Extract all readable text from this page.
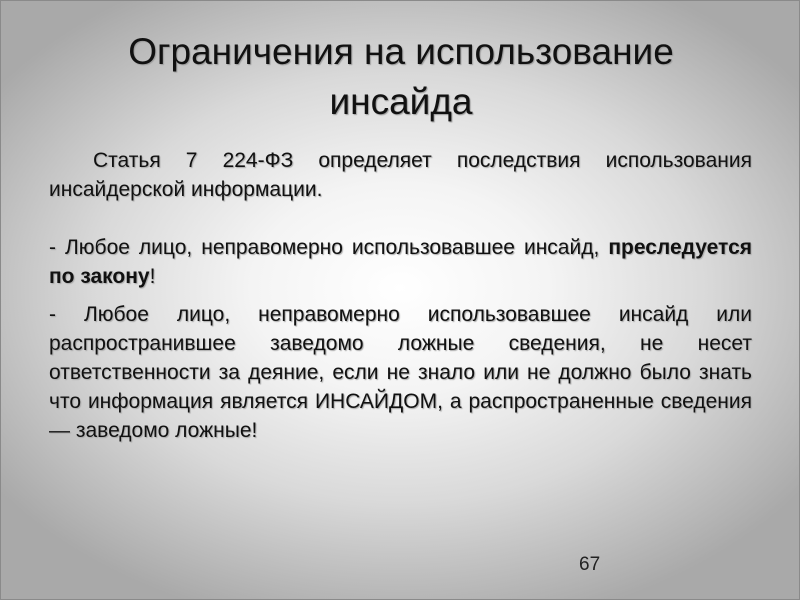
Ограничения на использование
инсайда

Статья 7 224-ФЗ определяет последствия использования инсайдерской информации.

- Любое лицо, неправомерно использовавшее инсайд, преследуется по закону!

- Любое лицо, неправомерно использовавшее инсайд или распространившее заведомо ложные сведения, не несет ответственности за деяние, если не знало или не должно было знать что информация является ИНСАЙДОМ, а распространенные сведения — заведомо ложные!

67
